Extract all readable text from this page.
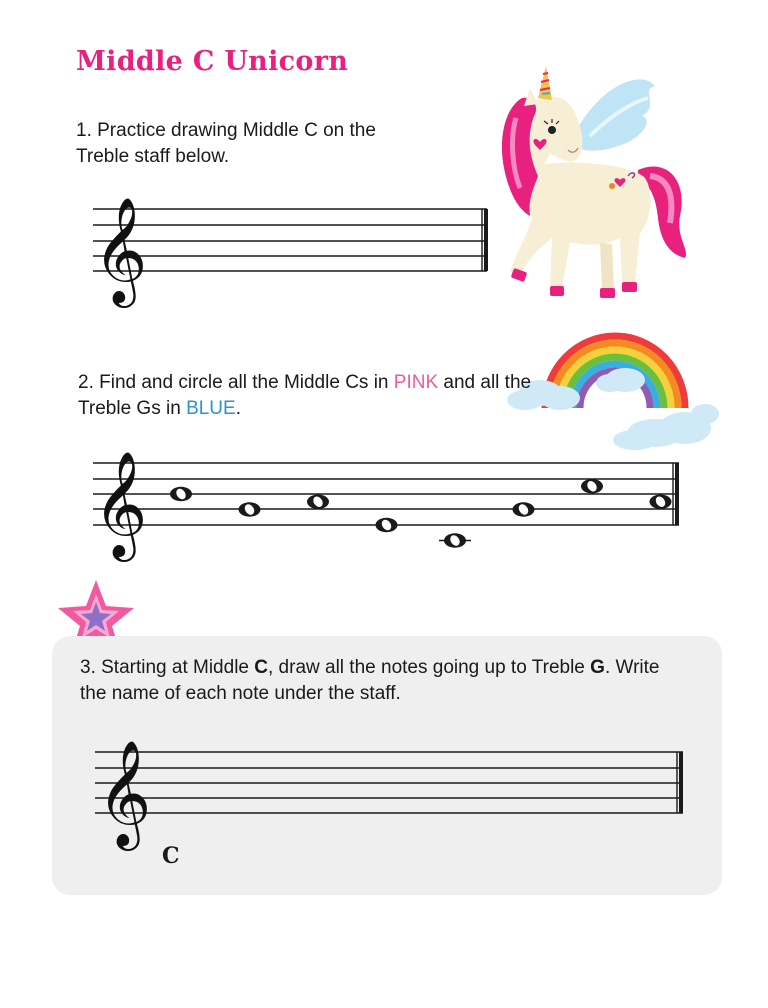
Middle C Unicorn
1. Practice drawing Middle C on the Treble staff below.
𝄞
2. Find and circle all the Middle Cs in PINK and all the Treble Gs in BLUE.
𝄞
3. Starting at Middle C, draw all the notes going up to Treble G. Write the name of each note under the staff.
𝄞
C
